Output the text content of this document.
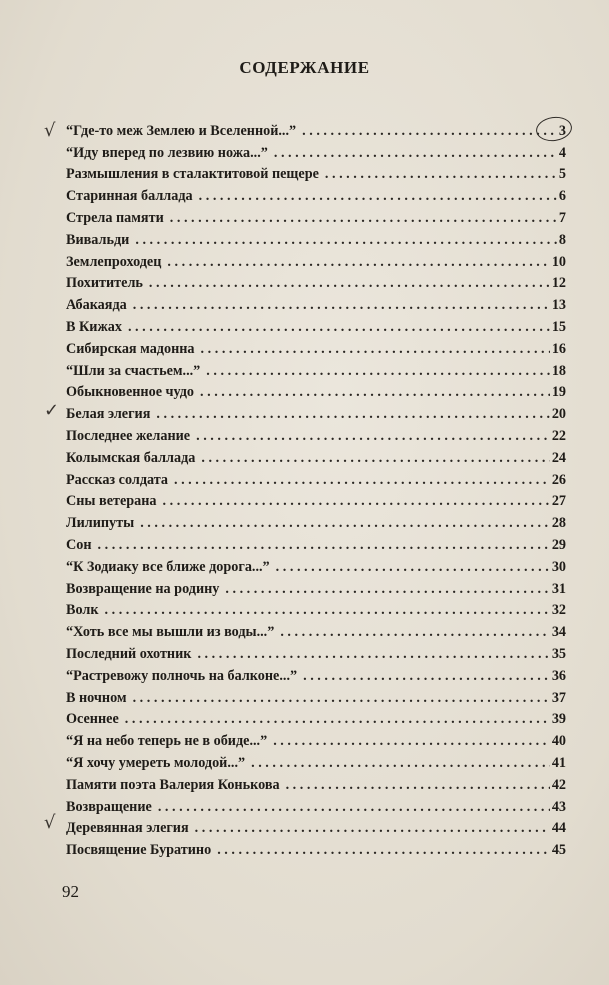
СОДЕРЖАНИЕ
√
✓
√
“Где-то меж Землею и Вселенной...” . . .	3
“Иду вперед по лезвию ножа...” . . .	4
Размышления в сталактитовой пещере . . .	5
Старинная баллада . . .	6
Стрела памяти . . .	7
Вивальди . . .	8
Землепроходец . . .	10
Похититель . . .	12
Абакаяда . . .	13
В Кижах . . .	15
Сибирская мадонна . . .	16
“Шли за счастьем...” . . .	18
Обыкновенное чудо . . .	19
Белая элегия . . .	20
Последнее желание . . .	22
Колымская баллада . . .	24
Рассказ солдата . . .	26
Сны ветерана . . .	27
Лилипуты . . .	28
Сон . . .	29
“К Зодиаку все ближе дорога...” . . .	30
Возвращение на родину . . .	31
Волк . . .	32
“Хоть все мы вышли из воды...” . . .	34
Последний охотник . . .	35
“Растревожу полночь на балконе...” . . .	36
В ночном . . .	37
Осеннее . . .	39
“Я на небо теперь не в обиде...” . . .	40
“Я хочу умереть молодой...” . . .	41
Памяти поэта Валерия Конькова . . .	42
Возвращение . . .	43
Деревянная элегия . . .	44
Посвящение Буратино . . .	45
92
